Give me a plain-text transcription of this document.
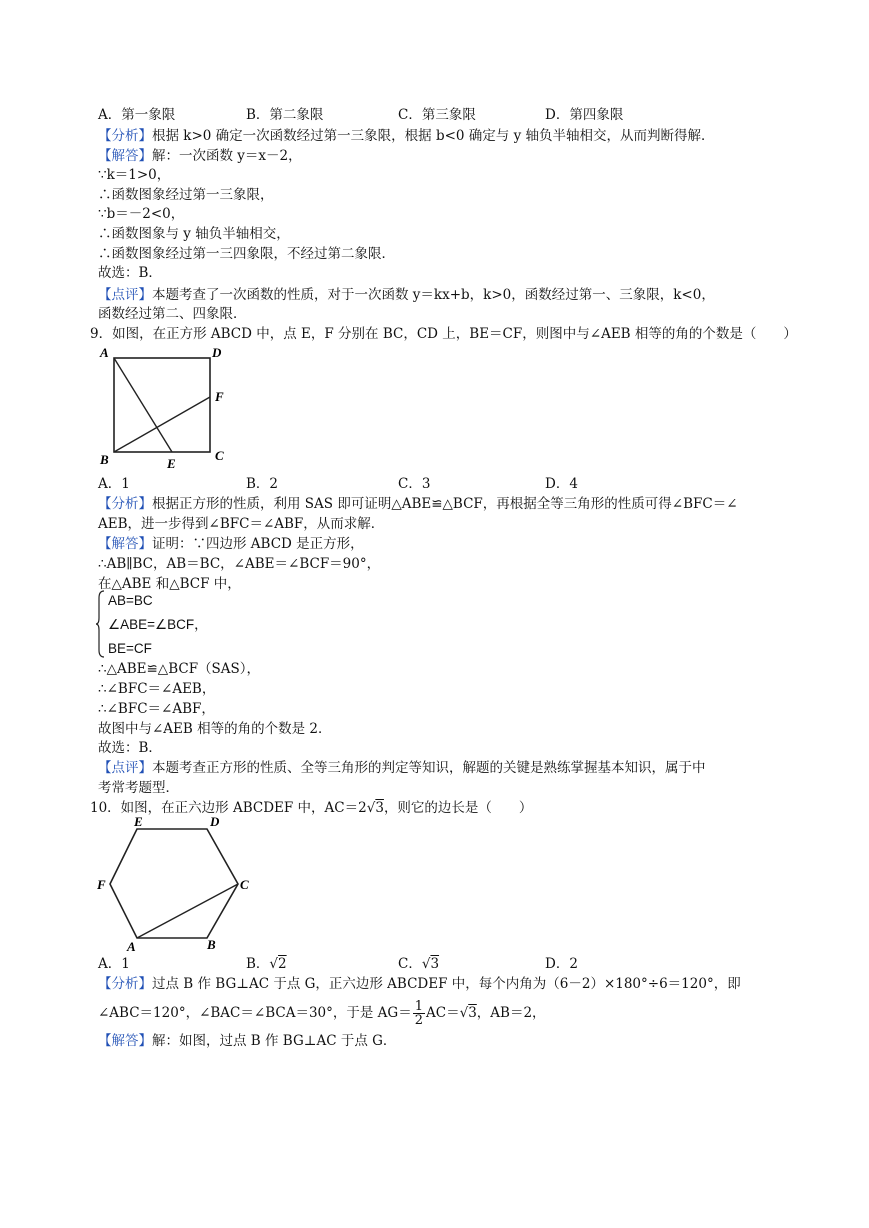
A．第一象限	B．第二象限	C．第三象限	D．第四象限
【分析】根据 k>0 确定一次函数经过第一三象限，根据 b<0 确定与 y 轴负半轴相交，从而判断得解．
【解答】解：一次函数 y＝x－2，
∵k＝1>0，
∴函数图象经过第一三象限，
∵b＝－2<0，
∴函数图象与 y 轴负半轴相交，
∴函数图象经过第一三四象限，不经过第二象限．
故选：B．
【点评】本题考查了一次函数的性质，对于一次函数 y＝kx+b，k>0，函数经过第一、三象限，k<0，
函数经过第二、四象限．
9．如图，在正方形 ABCD 中，点 E，F 分别在 BC，CD 上，BE＝CF，则图中与∠AEB 相等的角的个数是（　　）
A	D
F
B	E
C
A．1	B．2	C．3	D．4
【分析】根据正方形的性质，利用 SAS 即可证明△ABE≌△BCF，再根据全等三角形的性质可得∠BFC＝∠
AEB，进一步得到∠BFC＝∠ABF，从而求解．
【解答】证明：∵四边形 ABCD 是正方形，
∴AB∥BC，AB＝BC，∠ABE＝∠BCF＝90°，
在△ABE 和△BCF 中，
AB=BC
∠ABE=∠BCF，
BE=CF
∴△ABE≌△BCF（SAS），
∴∠BFC＝∠AEB，
∴∠BFC＝∠ABF，
故图中与∠AEB 相等的角的个数是 2．
故选：B．
【点评】本题考查正方形的性质、全等三角形的判定等知识，解题的关键是熟练掌握基本知识，属于中
考常考题型．
10．如图，在正六边形 ABCDEF 中，AC＝2√3，则它的边长是（　　）
A	B
C
D
E
F
A．1	B．√2	C．√3	D．2
【分析】过点 B 作 BG⊥AC 于点 G，正六边形 ABCDEF 中，每个内角为（6－2）×180°÷6＝120°，即
∠ABC＝120°，∠BAC＝∠BCA＝30°，于是 $AG= \frac{1}{2} AC=√3$，AB＝2，
【解答】解：如图，过点 B 作 BG⊥AC 于点 G．
